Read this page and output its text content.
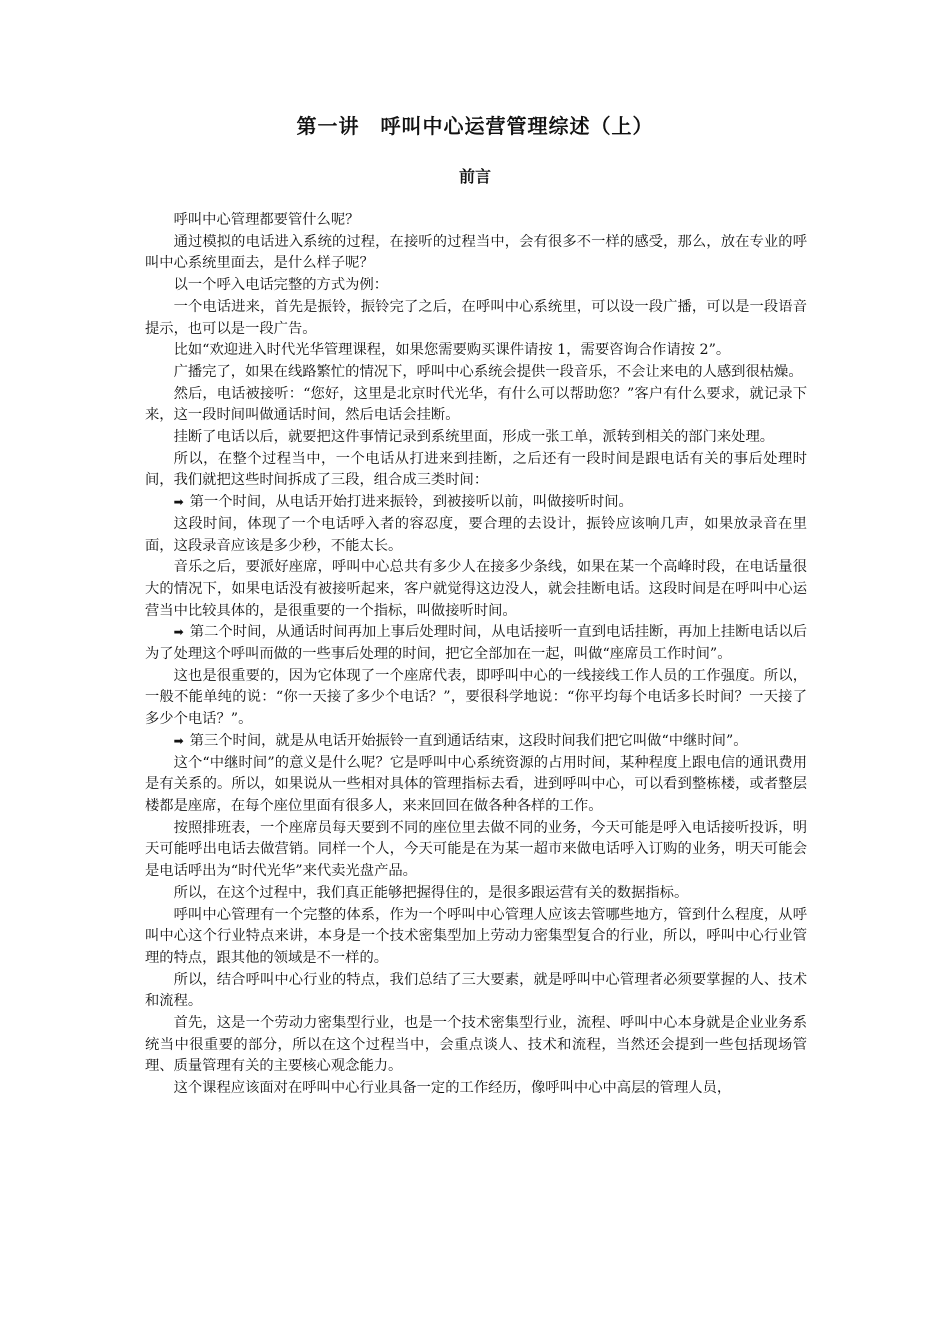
第一讲　呼叫中心运营管理综述（上）
前言

呼叫中心管理都要管什么呢？

通过模拟的电话进入系统的过程，在接听的过程当中，会有很多不一样的感受，那么，放在专业的呼叫中心系统里面去，是什么样子呢？

以一个呼入电话完整的方式为例：

一个电话进来，首先是振铃，振铃完了之后，在呼叫中心系统里，可以设一段广播，可以是一段语音提示，也可以是一段广告。

比如“欢迎进入时代光华管理课程，如果您需要购买课件请按 1，需要咨询合作请按 2”。

广播完了，如果在线路繁忙的情况下，呼叫中心系统会提供一段音乐，不会让来电的人感到很枯燥。

然后，电话被接听：“您好，这里是北京时代光华，有什么可以帮助您？”客户有什么要求，就记录下来，这一段时间叫做通话时间，然后电话会挂断。

挂断了电话以后，就要把这件事情记录到系统里面，形成一张工单，派转到相关的部门来处理。

所以，在整个过程当中，一个电话从打进来到挂断，之后还有一段时间是跟电话有关的事后处理时间，我们就把这些时间拆成了三段，组合成三类时间：

➡ 第一个时间，从电话开始打进来振铃，到被接听以前，叫做接听时间。

这段时间，体现了一个电话呼入者的容忍度，要合理的去设计，振铃应该响几声，如果放录音在里面，这段录音应该是多少秒，不能太长。

音乐之后，要派好座席，呼叫中心总共有多少人在接多少条线，如果在某一个高峰时段，在电话量很大的情况下，如果电话没有被接听起来，客户就觉得这边没人，就会挂断电话。这段时间是在呼叫中心运营当中比较具体的，是很重要的一个指标，叫做接听时间。

➡ 第二个时间，从通话时间再加上事后处理时间，从电话接听一直到电话挂断，再加上挂断电话以后为了处理这个呼叫而做的一些事后处理的时间，把它全部加在一起，叫做“座席员工作时间”。

这也是很重要的，因为它体现了一个座席代表，即呼叫中心的一线接线工作人员的工作强度。所以，一般不能单纯的说：“你一天接了多少个电话？”，要很科学地说：“你平均每个电话多长时间？一天接了多少个电话？”。

➡ 第三个时间，就是从电话开始振铃一直到通话结束，这段时间我们把它叫做“中继时间”。

这个“中继时间”的意义是什么呢？它是呼叫中心系统资源的占用时间，某种程度上跟电信的通讯费用是有关系的。所以，如果说从一些相对具体的管理指标去看，进到呼叫中心，可以看到整栋楼，或者整层楼都是座席，在每个座位里面有很多人，来来回回在做各种各样的工作。

按照排班表，一个座席员每天要到不同的座位里去做不同的业务，今天可能是呼入电话接听投诉，明天可能呼出电话去做营销。同样一个人，今天可能是在为某一超市来做电话呼入订购的业务，明天可能会是电话呼出为“时代光华”来代卖光盘产品。

所以，在这个过程中，我们真正能够把握得住的，是很多跟运营有关的数据指标。

呼叫中心管理有一个完整的体系，作为一个呼叫中心管理人应该去管哪些地方，管到什么程度，从呼叫中心这个行业特点来讲，本身是一个技术密集型加上劳动力密集型复合的行业，所以，呼叫中心行业管理的特点，跟其他的领域是不一样的。

所以，结合呼叫中心行业的特点，我们总结了三大要素，就是呼叫中心管理者必须要掌握的人、技术和流程。

首先，这是一个劳动力密集型行业，也是一个技术密集型行业，流程、呼叫中心本身就是企业业务系统当中很重要的部分，所以在这个过程当中，会重点谈人、技术和流程，当然还会提到一些包括现场管理、质量管理有关的主要核心观念能力。

这个课程应该面对在呼叫中心行业具备一定的工作经历，像呼叫中心中高层的管理人员，
